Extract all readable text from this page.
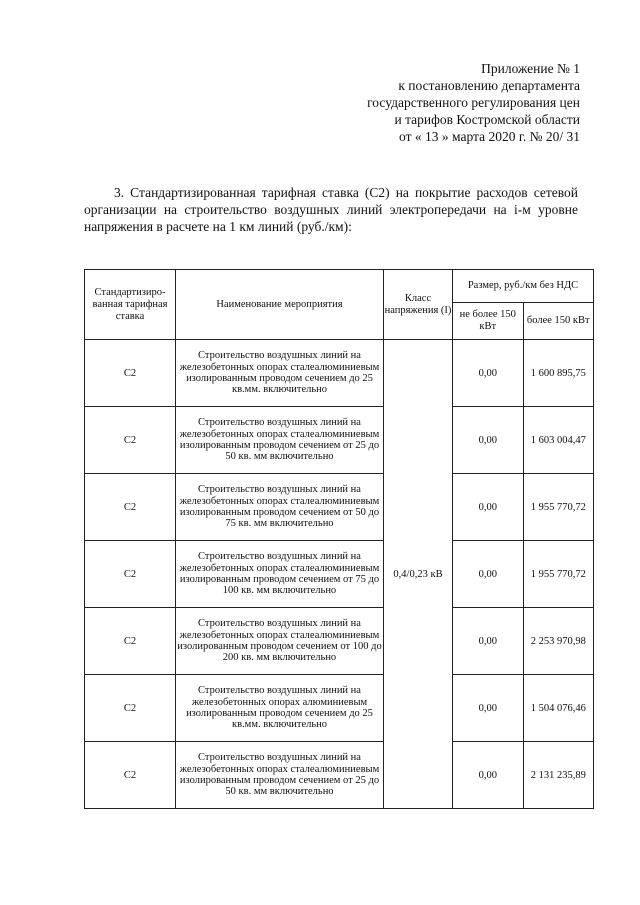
Приложение № 1
к постановлению департамента
государственного регулирования цен
и тарифов Костромской области
от « 13 » марта 2020 г. № 20/ 31

3. Стандартизированная тарифная ставка (С2) на покрытие расходов сетевой организации на строительство воздушных линий электропередачи на i-м уровне напряжения в расчете на 1 км линий (руб./км):

Стандартизиро-ванная тарифная ставка	Наименование мероприятия	Класс напряжения (I)	Размер, руб./км без НДС	
			не более 150 кВт	более 150 кВт
С2	Строительство воздушных линий на железобетонных опорах сталеалюминиевым изолированным проводом сечением до 25 кв.мм. включительно	0,4/0,23 кВ	0,00	1 600 895,75
С2	Строительство воздушных линий на железобетонных опорах сталеалюминиевым изолированным проводом сечением от 25 до 50 кв. мм включительно		0,00	1 603 004,47
С2	Строительство воздушных линий на железобетонных опорах сталеалюминиевым изолированным проводом сечением от 50 до 75 кв. мм включительно		0,00	1 955 770,72
С2	Строительство воздушных линий на железобетонных опорах сталеалюминиевым изолированным проводом сечением от 75 до 100 кв. мм включительно		0,00	1 955 770,72
С2	Строительство воздушных линий на железобетонных опорах сталеалюминиевым изолированным проводом сечением от 100 до 200 кв. мм включительно		0,00	2 253 970,98
С2	Строительство воздушных линий на железобетонных опорах алюминиевым изолированным проводом сечением до 25 кв.мм. включительно		0,00	1 504 076,46
С2	Строительство воздушных линий на железобетонных опорах сталеалюминиевым изолированным проводом сечением от 25 до 50 кв. мм включительно		0,00	2 131 235,89
